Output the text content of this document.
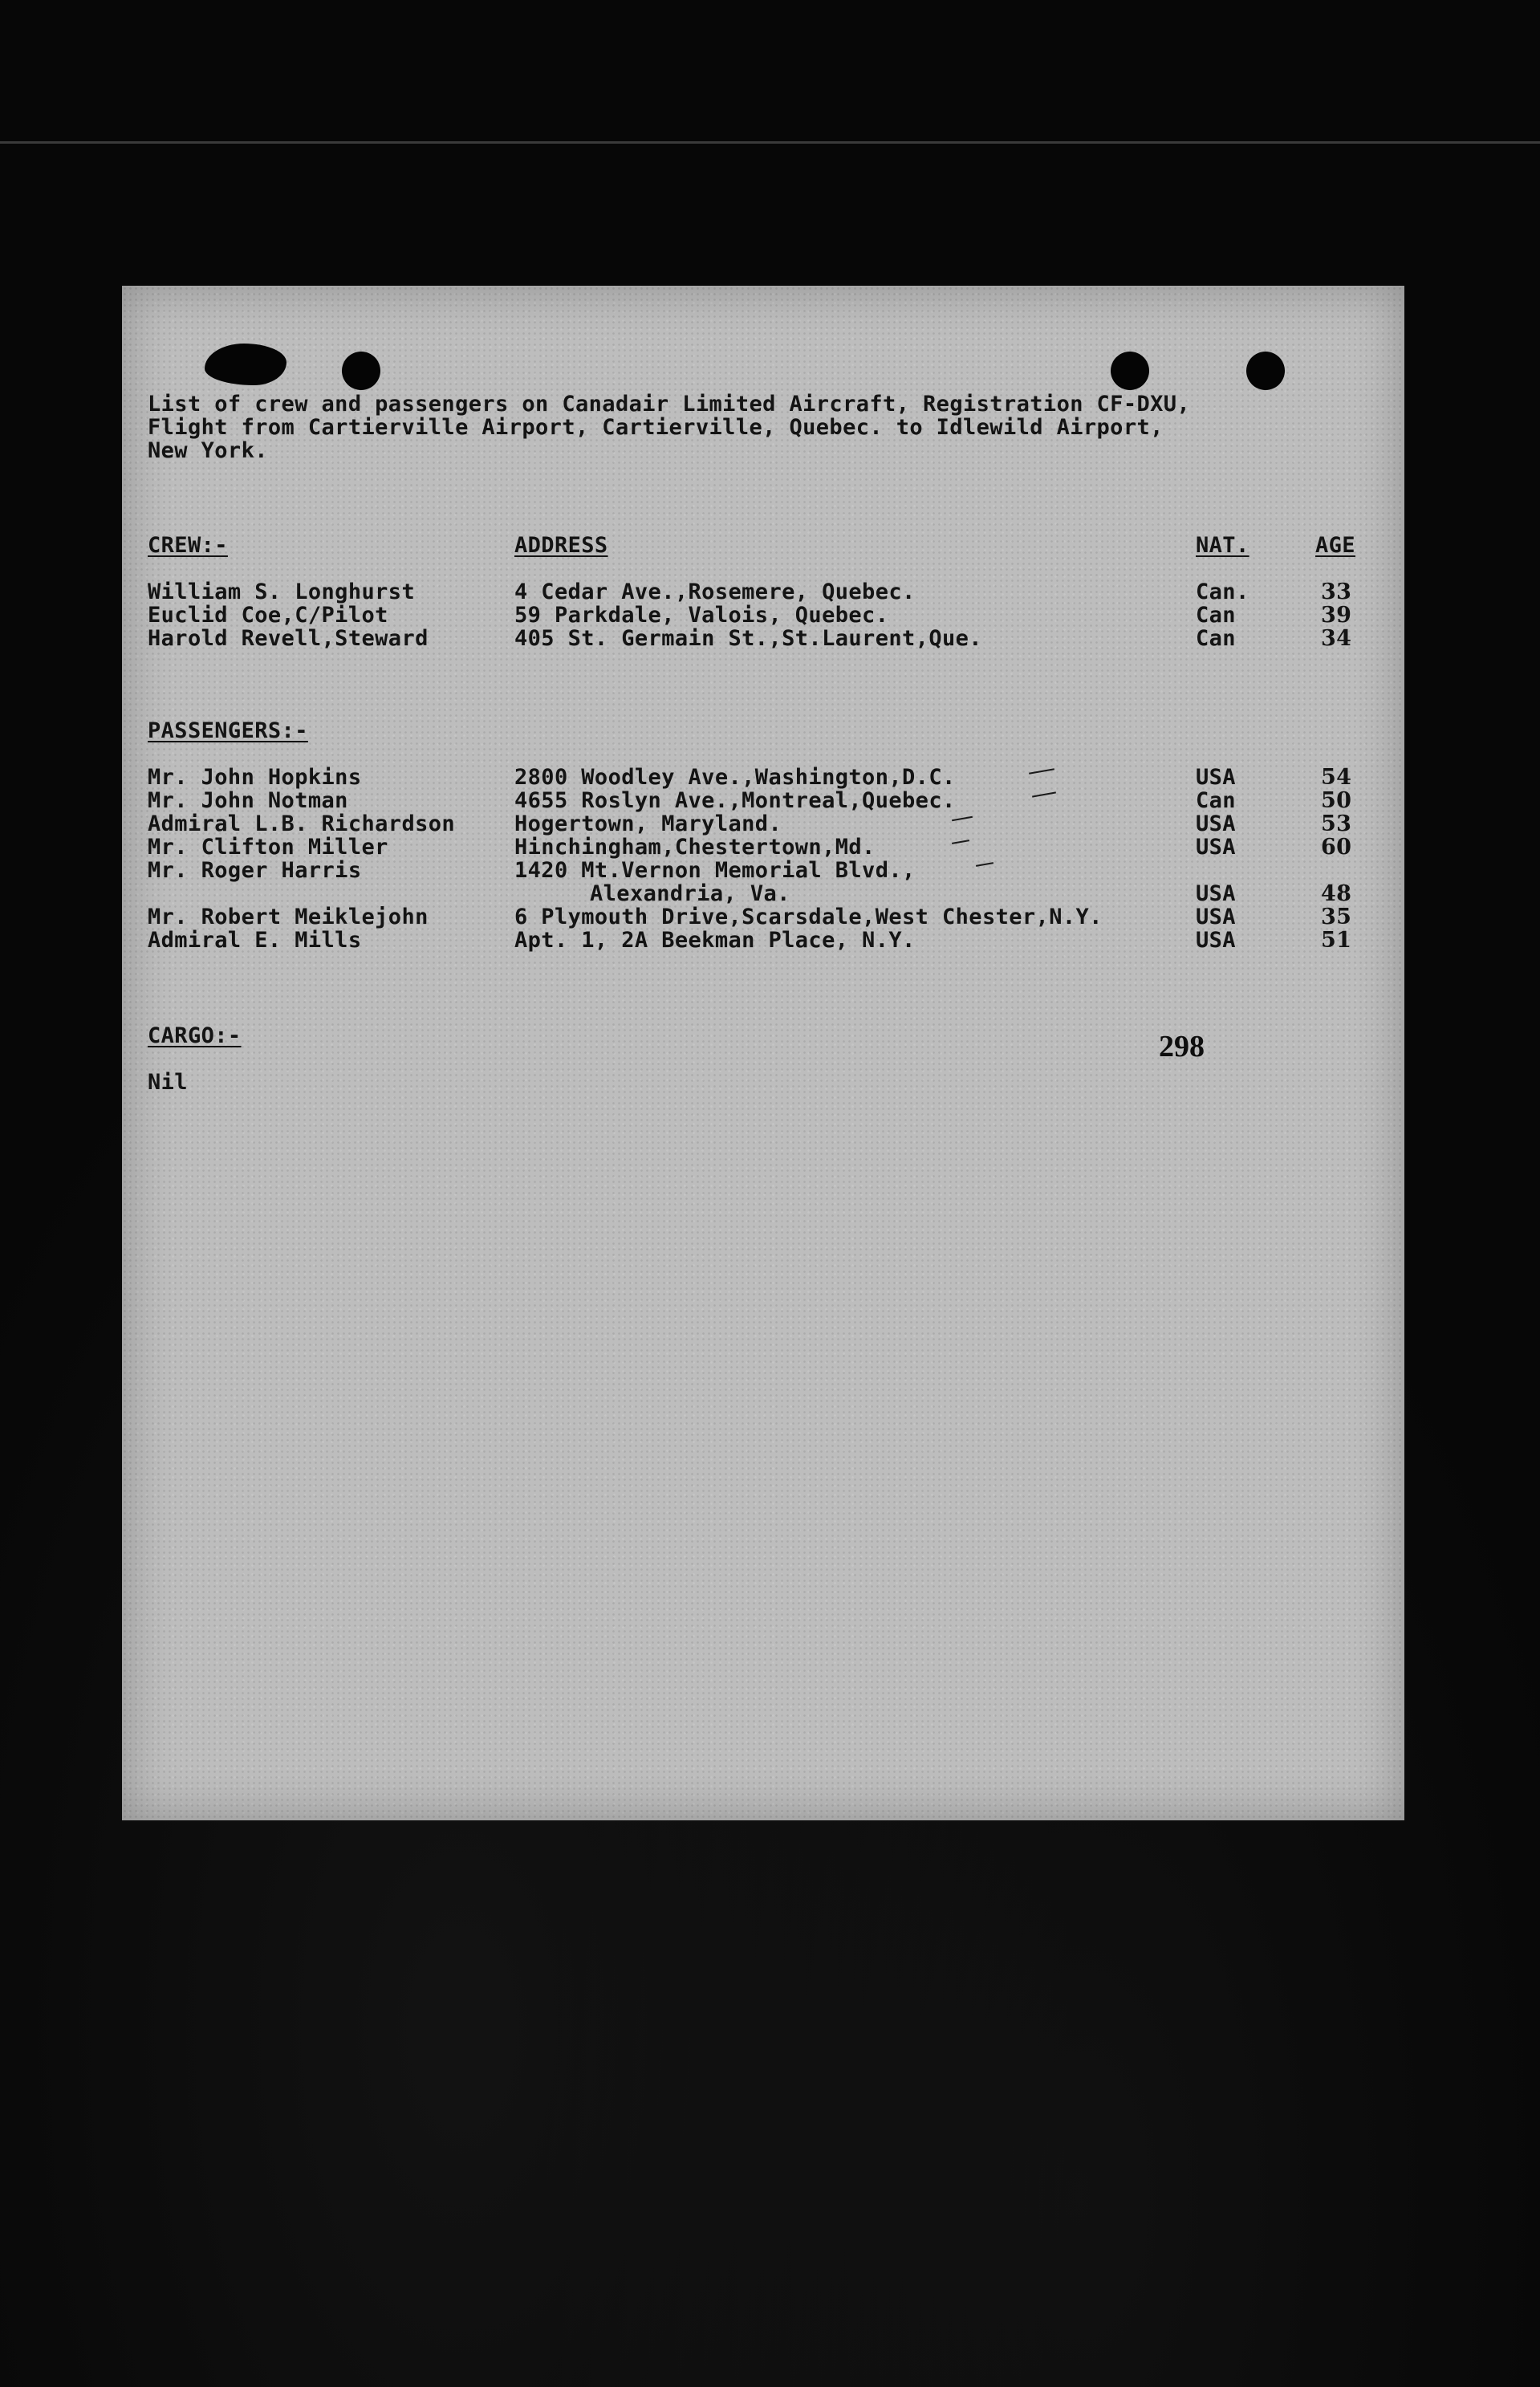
List of crew and passengers on Canadair Limited Aircraft, Registration CF-DXU,

Flight from Cartierville Airport, Cartierville, Quebec. to Idlewild Airport,

New York.

CREW:-	ADDRESS	NAT.	AGE

William S. Longhurst	4 Cedar Ave.,Rosemere, Quebec.	Can.	33

Euclid Coe,C/Pilot	59 Parkdale, Valois, Quebec.	Can	39

Harold Revell,Steward	405 St. Germain St.,St.Laurent,Que.	Can	34

PASSENGERS:-

Mr. John Hopkins	2800 Woodley Ave.,Washington,D.C.	USA	54

Mr. John Notman	4655 Roslyn Ave.,Montreal,Quebec.	Can	50

Admiral L.B. Richardson	Hogertown, Maryland.	USA	53

Mr. Clifton Miller	Hinchingham,Chestertown,Md.	USA	60

Mr. Roger Harris	1420 Mt.Vernon Memorial Blvd.,

Alexandria, Va.	USA	48

Mr. Robert Meiklejohn	6 Plymouth Drive,Scarsdale,West Chester,N.Y.	USA	35

Admiral E. Mills	Apt. 1, 2A Beekman Place, N.Y.	USA	51

CARGO:-

Nil

298
